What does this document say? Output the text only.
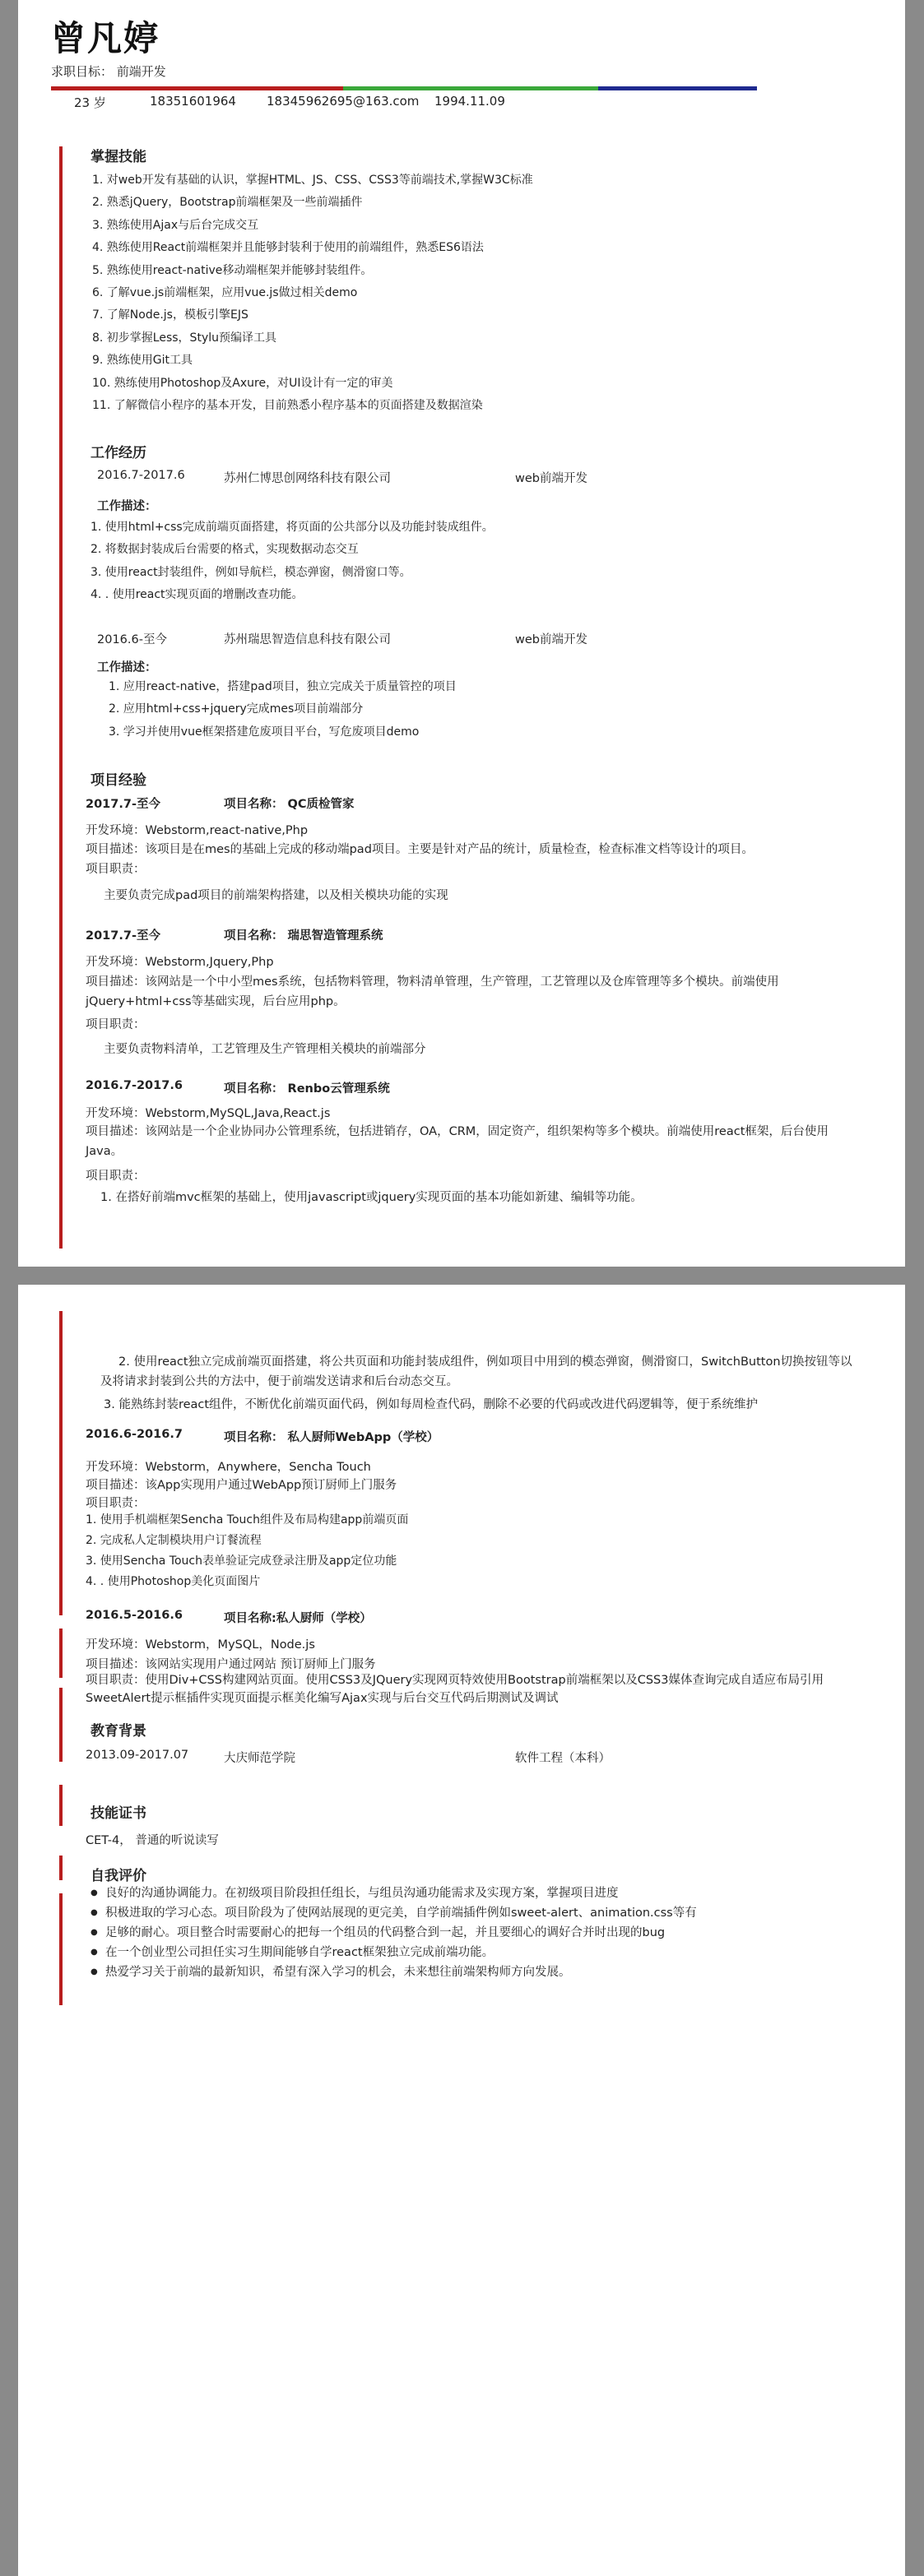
曾凡婷
求职目标： 前端开发
23 岁	18351601964	18345962695@163.com	1994.11.09
掌握技能
1. 对web开发有基础的认识，掌握HTML、JS、CSS、CSS3等前端技术,掌握W3C标准
2. 熟悉jQuery，Bootstrap前端框架及一些前端插件
3. 熟练使用Ajax与后台完成交互
4. 熟练使用React前端框架并且能够封装利于使用的前端组件，熟悉ES6语法
5. 熟练使用react-native移动端框架并能够封装组件。
6. 了解vue.js前端框架，应用vue.js做过相关demo
7. 了解Node.js，模板引擎EJS
8. 初步掌握Less，Stylu预编译工具
9. 熟练使用Git工具
10. 熟练使用Photoshop及Axure，对UI设计有一定的审美
11. 了解微信小程序的基本开发，目前熟悉小程序基本的页面搭建及数据渲染
工作经历
2016.7-2017.6	苏州仁博思创网络科技有限公司	web前端开发
工作描述：
1. 使用html+css完成前端页面搭建，将页面的公共部分以及功能封装成组件。
2. 将数据封装成后台需要的格式，实现数据动态交互
3. 使用react封装组件，例如导航栏，模态弹窗，侧滑窗口等。
4. . 使用react实现页面的增删改查功能。
2016.6-至今	苏州瑞思智造信息科技有限公司	web前端开发
工作描述：
1. 应用react-native，搭建pad项目，独立完成关于质量管控的项目
2. 应用html+css+jquery完成mes项目前端部分
3. 学习并使用vue框架搭建危废项目平台，写危废项目demo
项目经验
2017.7-至今	项目名称： QC质检管家
开发环境：Webstorm,react-native,Php
项目描述：该项目是在mes的基础上完成的移动端pad项目。主要是针对产品的统计，质量检查，检查标准文档等设计的项目。
项目职责：
主要负责完成pad项目的前端架构搭建，以及相关模块功能的实现
2017.7-至今	项目名称： 瑞思智造管理系统
开发环境：Webstorm,Jquery,Php
项目描述：该网站是一个中小型mes系统，包括物料管理，物料清单管理，生产管理，工艺管理以及仓库管理等多个模块。前端使用jQuery+html+css等基础实现，后台应用php。
项目职责：
主要负责物料清单，工艺管理及生产管理相关模块的前端部分
2016.7-2017.6	项目名称： Renbo云管理系统
开发环境：Webstorm,MySQL,Java,React.js
项目描述：该网站是一个企业协同办公管理系统，包括进销存，OA，CRM，固定资产，组织架构等多个模块。前端使用react框架，后台使用Java。
项目职责：
1. 在搭好前端mvc框架的基础上，使用javascript或jquery实现页面的基本功能如新建、编辑等功能。
2. 使用react独立完成前端页面搭建，将公共页面和功能封装成组件，例如项目中用到的模态弹窗，侧滑窗口，SwitchButton切换按钮等以及将请求封装到公共的方法中，便于前端发送请求和后台动态交互。
3. 能熟练封装react组件，不断优化前端页面代码，例如每周检查代码，删除不必要的代码或改进代码逻辑等，便于系统维护
2016.6-2016.7	项目名称： 私人厨师WebApp（学校）
开发环境：Webstorm，Anywhere，Sencha Touch
项目描述：该App实现用户通过WebApp预订厨师上门服务
项目职责：
1. 使用手机端框架Sencha Touch组件及布局构建app前端页面
2. 完成私人定制模块用户订餐流程
3. 使用Sencha Touch表单验证完成登录注册及app定位功能
4. . 使用Photoshop美化页面图片
2016.5-2016.6	项目名称:私人厨师（学校）
开发环境：Webstorm，MySQL，Node.js
项目描述：该网站实现用户通过网站 预订厨师上门服务
项目职责：使用Div+CSS构建网站页面。使用CSS3及JQuery实现网页特效使用Bootstrap前端框架以及CSS3媒体查询完成自适应布局引用SweetAlert提示框插件实现页面提示框美化编写Ajax实现与后台交互代码后期测试及调试
教育背景
2013.09-2017.07	大庆师范学院	软件工程（本科）
技能证书
CET-4， 普通的听说读写
自我评价
● 良好的沟通协调能力。在初级项目阶段担任组长，与组员沟通功能需求及实现方案，掌握项目进度
● 积极进取的学习心态。项目阶段为了使网站展现的更完美，自学前端插件例如sweet-alert、animation.css等有
● 足够的耐心。项目整合时需要耐心的把每一个组员的代码整合到一起，并且要细心的调好合并时出现的bug
● 在一个创业型公司担任实习生期间能够自学react框架独立完成前端功能。
● 热爱学习关于前端的最新知识，希望有深入学习的机会，未来想往前端架构师方向发展。
